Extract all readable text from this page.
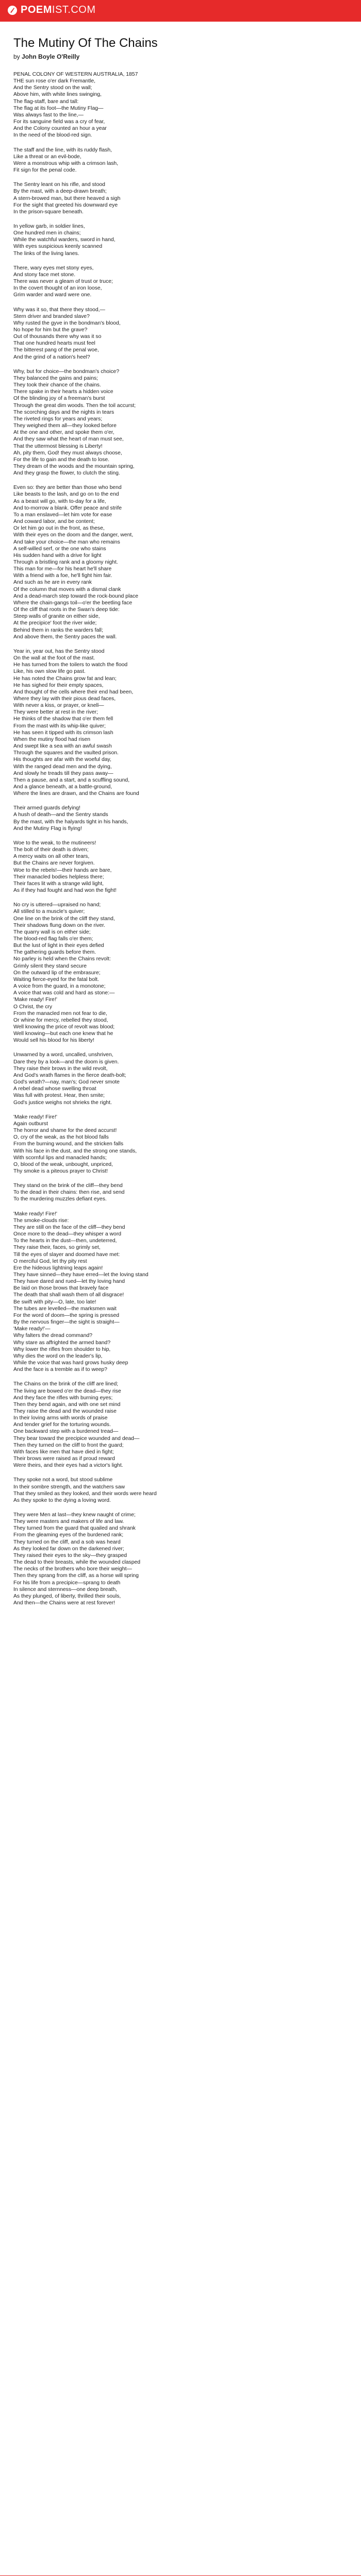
POEMIST.COM
The Mutiny Of The Chains
by John Boyle O'Reilly
PENAL COLONY OF WESTERN AUSTRALIA, 1857
THE sun rose o'er dark Fremantle,
And the Sentry stood on the wall;
Above him, with white lines swinging,
The flag-staff, bare and tall:
The flag at its foot—the Mutiny Flag—
Was always fast to the line,—
For its sanguine field was a cry of fear,
And the Colony counted an hour a year
In the need of the blood-red sign.
The staff and the line, with its ruddy flash,
Like a threat or an evil-bode,
Were a monstrous whip with a crimson lash,
Fit sign for the penal code.
The Sentry leant on his rifle, and stood
By the mast, with a deep-drawn breath;
A stern-browed man, but there heaved a sigh
For the sight that greeted his downward eye
In the prison-square beneath.
In yellow garb, in soldier lines,
One hundred men in chains;
While the watchful warders, sword in hand,
With eyes suspicious keenly scanned
The links of the living lanes.
There, wary eyes met stony eyes,
And stony face met stone.
There was never a gleam of trust or truce;
In the covert thought of an iron loose,
Grim warder and ward were one.
Why was it so, that there they stood,—
Stern driver and branded slave?
Why rusted the gyve in the bondman's blood,
No hope for him but the grave?
Out of thousands there why was it so
That one hundred hearts must feel
The bitterest pang of the penal woe,
And the grind of a nation's heel?
Why, but for choice—the bondman's choice?
They balanced the gains and pains;
They took their chance of the chains.
There spake in their hearts a hidden voice
Of the blinding joy of a freeman's burst
Through the great dim woods. Then the toil accurst;
The scorching days and the nights in tears
The riveted rings for years and years;
They weighed them all—they looked before
At the one and other, and spoke them o'er,
And they saw what the heart of man must see,
That the uttermost blessing is Liberty!
Ah, pity them, God! they must always choose,
For the life to gain and the death to lose.
They dream of the woods and the mountain spring,
And they grasp the flower, to clutch the sting.
Even so: they are better than those who bend
Like beasts to the lash, and go on to the end
As a beast will go, with to-day for a life,
And to-morrow a blank. Offer peace and strife
To a man enslaved—let him vote for ease
And coward labor, and be content;
Or let him go out in the front, as these,
With their eyes on the doom and the danger, went,
And take your choice—the man who remains
A self-willed serf, or the one who stains
His sudden hand with a drive for light
Through a bristling rank and a gloomy night.
This man for me—for his heart he'll share
With a friend with a foe, he'll fight him fair.
And such as he are in every rank
Of the column that moves with a dismal clank
And a dead-march step toward the rock-bound place
Where the chain-gangs toil—o'er the beetling face
Of the cliff that roots in the Swan's deep tide:
Steep walls of granite on either side,
At the precipice' foot the river wide;
Behind them in ranks the warders fall;
And above them, the Sentry paces the wall.
Year in, year out, has the Sentry stood
On the wall at the foot of the mast.
He has turned from the toilers to watch the flood
Like, his own slow life go past.
He has noted the Chains grow fat and lean;
He has sighed for their empty spaces,
And thought of the cells where their end had been,
Where they lay with their pious dead faces,
With never a kiss, or prayer, or knell—
They were better at rest in the river;
He thinks of the shadow that o'er them fell
From the mast with its whip-like quiver;
He has seen it tipped with its crimson lash
When the mutiny flood had risen
And swept like a sea with an awful swash
Through the squares and the vaulted prison.
His thoughts are afar with the woeful day,
With the ranged dead men and the dying,
And slowly he treads till they pass away—
Then a pause, and a start, and a scuffling sound,
And a glance beneath, at a battle-ground,
Where the lines are drawn, and the Chains are found
Their armed guards defying!
A hush of death—and the Sentry stands
By the mast, with the halyards tight in his hands,
And the Mutiny Flag is flying!
Woe to the weak, to the mutineers!
The bolt of their death is driven;
A mercy waits on all other tears,
But the Chains are never forgiven.
Woe to the rebels!—their hands are bare,
Their manacled bodies helpless there;
Their faces lit with a strange wild light,
As if they had fought and had won the fight!
No cry is uttered—upraised no hand;
All stilled to a muscle's quiver;
One line on the brink of the cliff they stand,
Their shadows flung down on the river.
The quarry wall is on either side;
The blood-red flag falls o'er them;
But the lust of light in their eyes defied
The gathering guards before them.
No parley is held when the Chains revolt:
Grimly silent they stand secure
On the outward lip of the embrasure;
Waiting fierce-eyed for the fatal bolt.
A voice from the guard, in a monotone;
A voice that was cold and hard as stone:—
'Make ready! Fire!'
O Christ, the cry
From the manacled men not fear to die,
Or whine for mercy, rebelled they stood,
Well knowing the price of revolt was blood;
Well knowing—but each one knew that he
Would sell his blood for his liberty!
Unwarned by a word, uncalled, unshriven,
Dare they by a look—and the doom is given.
They raise their brows in the wild revolt,
And God's wrath flames in the fierce death-bolt;
God's wrath?—nay, man's; God never smote
A rebel dead whose swelling throat
Was full with protest. Hear, then smite;
God's justice weighs not shrieks the right.
'Make ready! Fire!'
Again outburst
The horror and shame for the deed accurst!
O, cry of the weak, as the hot blood falls
From the burning wound, and the stricken falls
With his face in the dust, and the strong one stands,
With scornful lips and manacled hands;
O, blood of the weak, unbought, unpriced,
Thy smoke is a piteous prayer to Christ!
They stand on the brink of the cliff—they bend
To the dead in their chains: then rise, and send
To the murdering muzzles defiant eyes.
'Make ready! Fire!'
The smoke-clouds rise:
They are still on the face of the cliff—they bend
Once more to the dead—they whisper a word
To the hearts in the dust—then, undeterred,
They raise their, faces, so grimly set,
Till the eyes of slayer and doomed have met:
O merciful God, let thy pity rest
Ere the hideous lightning leaps again!
They have sinned—they have erred—let the loving stand
They have dared and rued—let thy loving hand
Be laid on those brows that bravely face
The death that shall wash them of all disgrace!
Be swift with pity—O, late, too late!
The tubes are levelled—the marksmen wait
For the word of doom—the spring is pressed
By the nervous finger—the sight is straight—
'Make ready!'—
Why falters the dread command?
Why stare as affrighted the armed band?
Why lower the rifles from shoulder to hip,
Why dies the word on the leader's lip,
While the voice that was hard grows husky deep
And the face is a tremble as if to weep?
The Chains on the brink of the cliff are lined;
The living are bowed o'er the dead—they rise
And they face the rifles with burning eyes;
Then they bend again, and with one set mind
They raise the dead and the wounded raise
In their loving arms with words of praise
And tender grief for the torturing wounds.
One backward step with a burdened tread—
They bear toward the precipice wounded and dead—
Then they turned on the cliff to front the guard;
With faces like men that have died in fight;
Their brows were raised as if proud reward
Were theirs, and their eyes had a victor's light.
They spoke not a word, but stood sublime
In their sombre strength, and the watchers saw
That they smiled as they looked, and their words were heard
As they spoke to the dying a loving word.
They were Men at last—they knew naught of crime;
They were masters and makers of life and law.
They turned from the guard that quailed and shrank
From the gleaming eyes of the burdened rank;
They turned on the cliff, and a sob was heard
As they looked far down on the darkened river;
They raised their eyes to the sky—they grasped
The dead to their breasts, while the wounded clasped
The necks of the brothers who bore their weight—
Then they sprang from the cliff, as a horse will spring
For his life from a precipice—sprang to death
In silence and sternness—one deep breath,
As they plunged, of liberty, thrilled their souls,
And then—the Chains were at rest forever!
